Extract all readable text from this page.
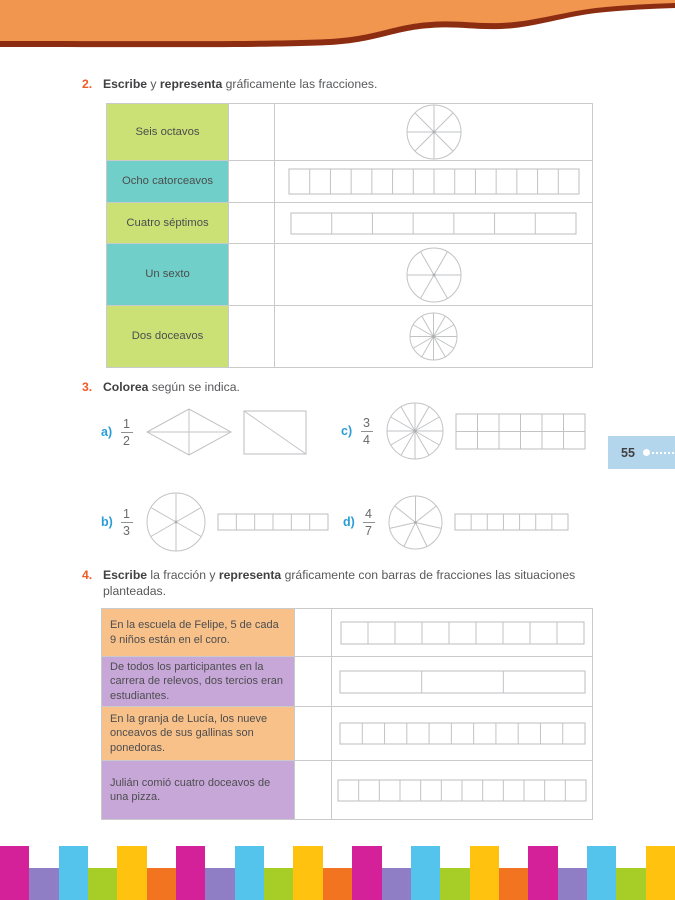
2. Escribe y representa gráficamente las fracciones.
Seis octavos
Ocho catorceavos
Cuatro séptimos
Un sexto
Dos doceavos
3. Colorea según se indica.
$a) \frac{1}{2}$	$c) \frac{3}{4}$
$b) \frac{1}{3}$	$d) \frac{4}{7}$
55
4. Escribe la fracción y representa gráficamente con barras de fracciones las situaciones
planteadas.
En la escuela de Felipe, 5 de cada 9 niños están en el coro.
De todos los participantes en la carrera de relevos, dos tercios eran estudiantes.
En la granja de Lucía, los nueve onceavos de sus gallinas son ponedoras.
Julián comió cuatro doceavos de una pizza.
